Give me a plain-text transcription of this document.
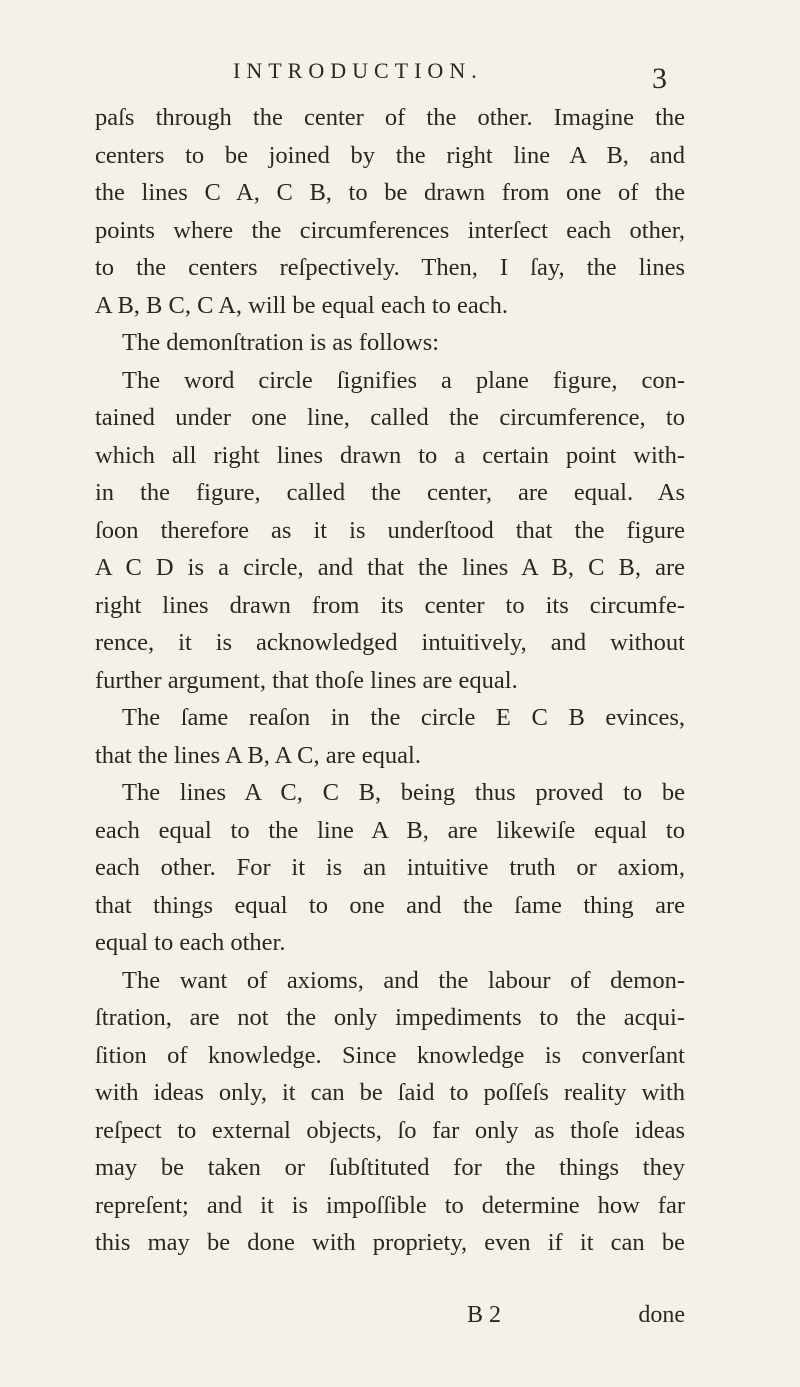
INTRODUCTION.	3
paſs through the center of the other. Imagine the
centers to be joined by the right line A B, and
the lines C A, C B, to be drawn from one of the
points where the circumferences interſect each other,
to the centers reſpectively. Then, I ſay, the lines
A B, B C, C A, will be equal each to each.
The demonſtration is as follows:
The word circle ſignifies a plane figure, con-
tained under one line, called the circumference, to
which all right lines drawn to a certain point with-
in the figure, called the center, are equal. As
ſoon therefore as it is underſtood that the figure
A C D is a circle, and that the lines A B, C B, are
right lines drawn from its center to its circumfe-
rence, it is acknowledged intuitively, and without
further argument, that thoſe lines are equal.
The ſame reaſon in the circle E C B evinces,
that the lines A B, A C, are equal.
The lines A C, C B, being thus proved to be
each equal to the line A B, are likewiſe equal to
each other. For it is an intuitive truth or axiom,
that things equal to one and the ſame thing are
equal to each other.
The want of axioms, and the labour of demon-
ſtration, are not the only impediments to the acqui-
ſition of knowledge. Since knowledge is converſant
with ideas only, it can be ſaid to poſſeſs reality with
reſpect to external objects, ſo far only as thoſe ideas
may be taken or ſubſtituted for the things they
repreſent; and it is impoſſible to determine how far
this may be done with propriety, even if it can be
B 2	done
